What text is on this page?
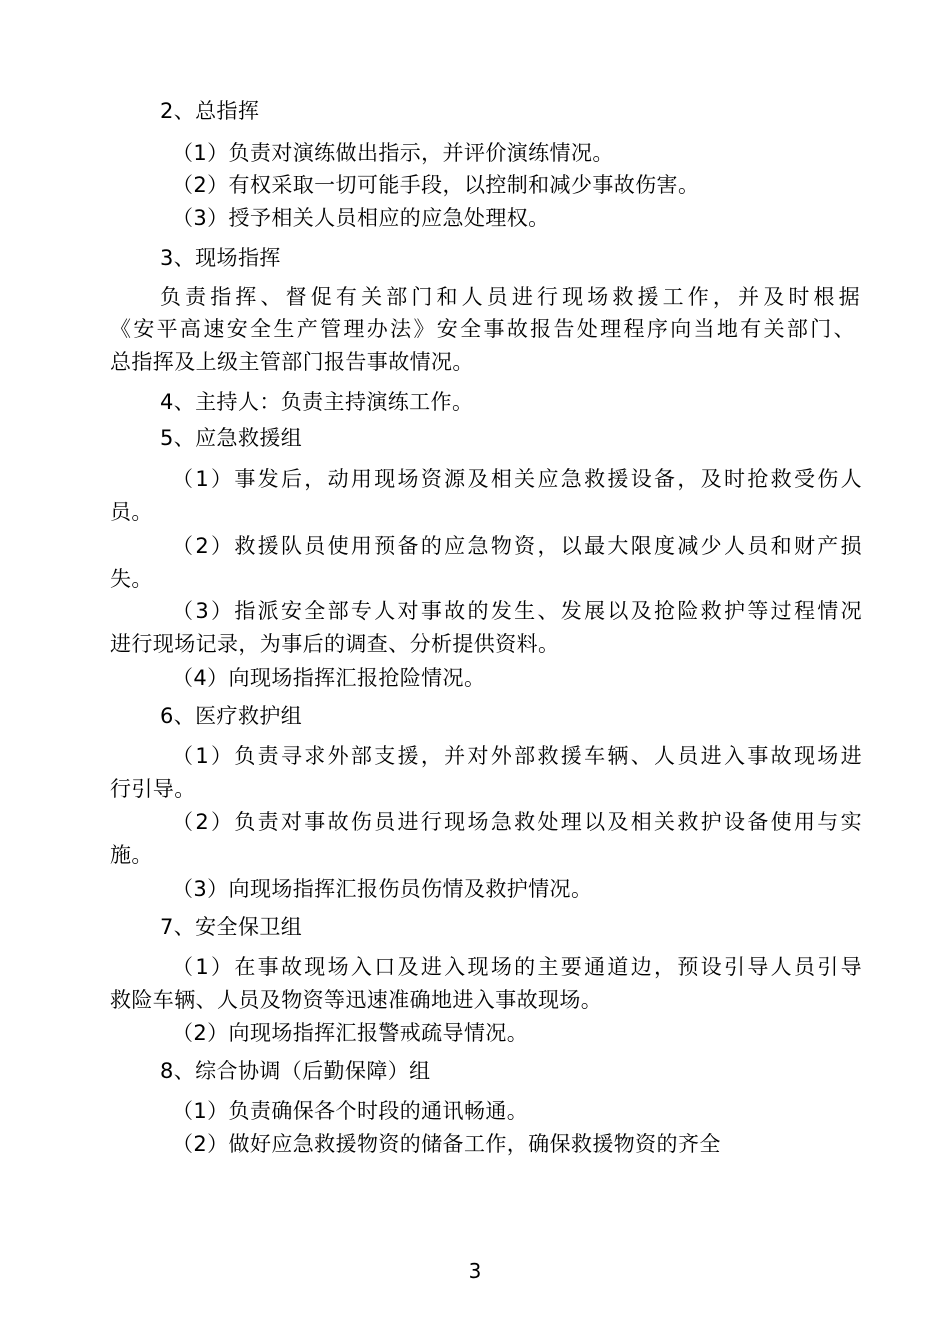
2、总指挥
（1）负责对演练做出指示，并评价演练情况。
（2）有权采取一切可能手段，以控制和减少事故伤害。
（3）授予相关人员相应的应急处理权。
3、现场指挥
负责指挥、督促有关部门和人员进行现场救援工作，并及时根据
《安平高速安全生产管理办法》安全事故报告处理程序向当地有关部门、
总指挥及上级主管部门报告事故情况。
4、主持人：负责主持演练工作。
5、应急救援组
（1）事发后，动用现场资源及相关应急救援设备，及时抢救受伤人
员。
（2）救援队员使用预备的应急物资，以最大限度减少人员和财产损
失。
（3）指派安全部专人对事故的发生、发展以及抢险救护等过程情况
进行现场记录，为事后的调查、分析提供资料。
（4）向现场指挥汇报抢险情况。
6、医疗救护组
（1）负责寻求外部支援，并对外部救援车辆、人员进入事故现场进
行引导。
（2）负责对事故伤员进行现场急救处理以及相关救护设备使用与实
施。
（3）向现场指挥汇报伤员伤情及救护情况。
7、安全保卫组
（1）在事故现场入口及进入现场的主要通道边，预设引导人员引导
救险车辆、人员及物资等迅速准确地进入事故现场。
（2）向现场指挥汇报警戒疏导情况。
8、综合协调（后勤保障）组
（1）负责确保各个时段的通讯畅通。
（2）做好应急救援物资的储备工作，确保救援物资的齐全
3
